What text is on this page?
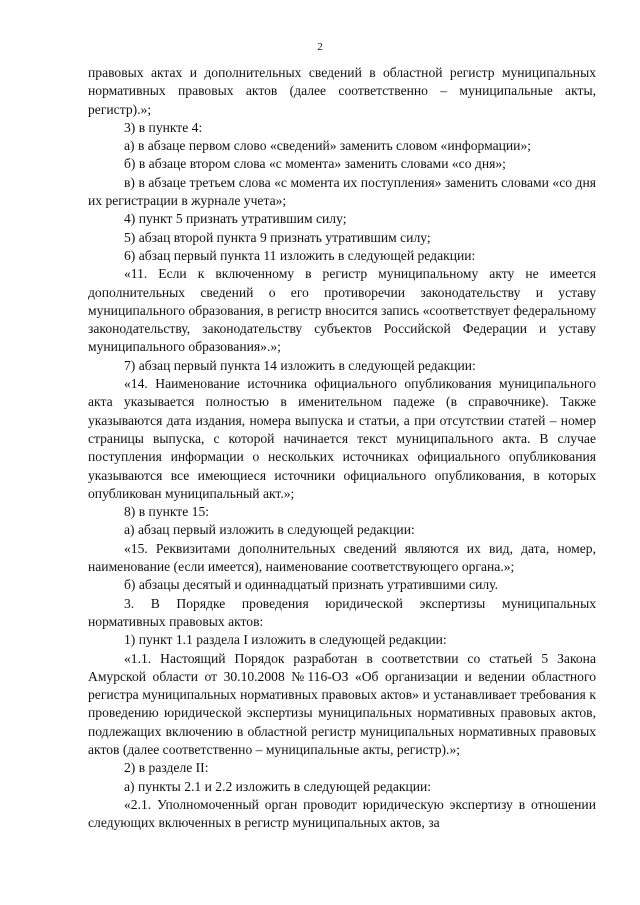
2

правовых актах и дополнительных сведений в областной регистр муниципальных нормативных правовых актов (далее соответственно – муниципальные акты, регистр).»;

3) в пункте 4:

а) в абзаце первом слово «сведений» заменить словом «информации»;

б) в абзаце втором слова «с момента» заменить словами «со дня»;

в) в абзаце третьем слова «с момента их поступления» заменить словами «со дня их регистрации в журнале учета»;

4) пункт 5 признать утратившим силу;

5) абзац второй пункта 9 признать утратившим силу;

6) абзац первый пункта 11 изложить в следующей редакции:

«11. Если к включенному в регистр муниципальному акту не имеется дополнительных сведений о его противоречии законодательству и уставу муниципального образования, в регистр вносится запись «соответствует федеральному законодательству, законодательству субъектов Российской Федерации и уставу муниципального образования».»;

7) абзац первый пункта 14 изложить в следующей редакции:

«14. Наименование источника официального опубликования муниципального акта указывается полностью в именительном падеже (в справочнике). Также указываются дата издания, номера выпуска и статьи, а при отсутствии статей – номер страницы выпуска, с которой начинается текст муниципального акта. В случае поступления информации о нескольких источниках официального опубликования указываются все имеющиеся источники официального опубликования, в которых опубликован муниципальный акт.»;

8) в пункте 15:

а) абзац первый изложить в следующей редакции:

«15. Реквизитами дополнительных сведений являются их вид, дата, номер, наименование (если имеется), наименование соответствующего органа.»;

б) абзацы десятый и одиннадцатый признать утратившими силу.

3. В Порядке проведения юридической экспертизы муниципальных нормативных правовых актов:

1) пункт 1.1 раздела I изложить в следующей редакции:

«1.1. Настоящий Порядок разработан в соответствии со статьей 5 Закона Амурской области от 30.10.2008 №116-ОЗ «Об организации и ведении областного регистра муниципальных нормативных правовых актов» и устанавливает требования к проведению юридической экспертизы муниципальных нормативных правовых актов, подлежащих включению в областной регистр муниципальных нормативных правовых актов (далее соответственно – муниципальные акты, регистр).»;

2) в разделе II:

а) пункты 2.1 и 2.2 изложить в следующей редакции:

«2.1. Уполномоченный орган проводит юридическую экспертизу в отношении следующих включенных в регистр муниципальных актов, за
